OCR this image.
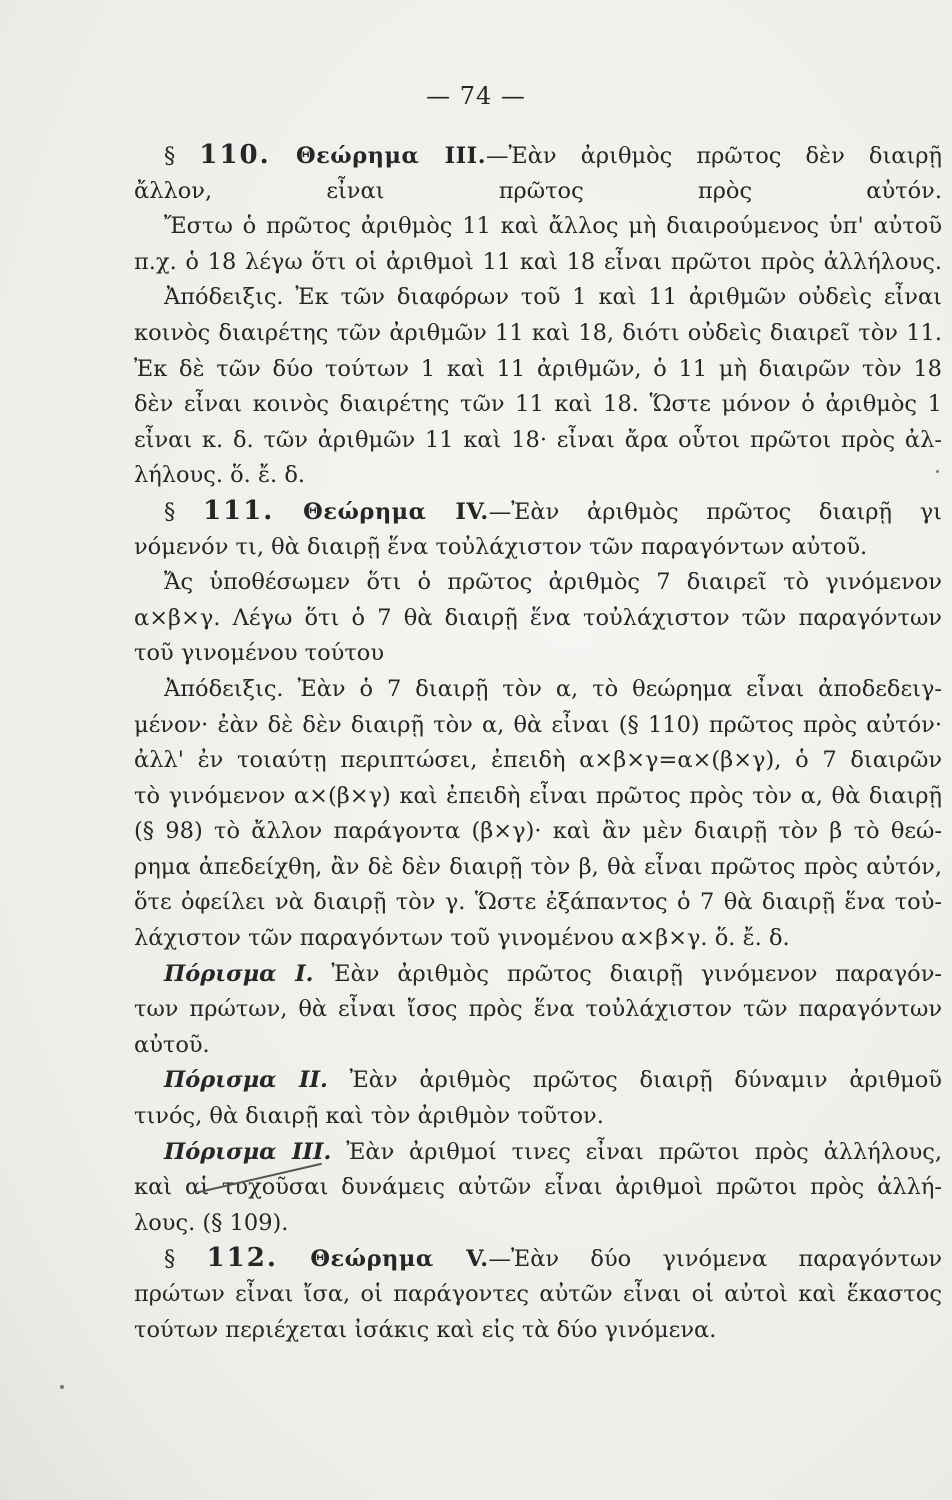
— 74 —
§ 110. Θεώρημα ΙΙΙ.—Ἐὰν ἀριθμὸς πρῶτος δὲν διαιρῇ
ἄλλον, εἶναι πρῶτος πρὸς αὐτόν.
Ἔστω ὁ πρῶτος ἀριθμὸς 11 καὶ ἄλλος μὴ διαιρούμενος ὑπ' αὐτοῦ
π.χ. ὁ 18 λέγω ὅτι οἱ ἀριθμοὶ 11 καὶ 18 εἶναι πρῶτοι πρὸς ἀλλήλους.
Ἀπόδειξις. Ἐκ τῶν διαφόρων τοῦ 1 καὶ 11 ἀριθμῶν οὐδεὶς εἶναι
κοινὸς διαιρέτης τῶν ἀριθμῶν 11 καὶ 18, διότι οὐδεὶς διαιρεῖ τὸν 11.
Ἐκ δὲ τῶν δύο τούτων 1 καὶ 11 ἀριθμῶν, ὁ 11 μὴ διαιρῶν τὸν 18
δὲν εἶναι κοινὸς διαιρέτης τῶν 11 καὶ 18. Ὥστε μόνον ὁ ἀριθμὸς 1
εἶναι κ. δ. τῶν ἀριθμῶν 11 καὶ 18· εἶναι ἄρα οὗτοι πρῶτοι πρὸς ἀλ-
λήλους. ὅ. ἔ. δ.
§ 111. Θεώρημα IV.—Ἐὰν ἀριθμὸς πρῶτος διαιρῇ γι
νόμενόν τι, θὰ διαιρῇ ἕνα τοὐλάχιστον τῶν παραγόντων αὐτοῦ.
Ἄς ὑποθέσωμεν ὅτι ὁ πρῶτος ἀριθμὸς 7 διαιρεῖ τὸ γινόμενον
α×β×γ. Λέγω ὅτι ὁ 7 θὰ διαιρῇ ἕνα τοὐλάχιστον τῶν παραγόντων
τοῦ γινομένου τούτου
Ἀπόδειξις. Ἐὰν ὁ 7 διαιρῇ τὸν α, τὸ θεώρημα εἶναι ἀποδεδειγ-
μένον· ἐὰν δὲ δὲν διαιρῇ τὸν α, θὰ εἶναι (§ 110) πρῶτος πρὸς αὐτόν·
ἀλλ' ἐν τοιαύτῃ περιπτώσει, ἐπειδὴ α×β×γ=α×(β×γ), ὁ 7 διαιρῶν
τὸ γινόμενον α×(β×γ) καὶ ἐπειδὴ εἶναι πρῶτος πρὸς τὸν α, θὰ διαιρῇ
(§ 98) τὸ ἄλλον παράγοντα (β×γ)· καὶ ἂν μὲν διαιρῇ τὸν β τὸ θεώ-
ρημα ἀπεδείχθη, ἂν δὲ δὲν διαιρῇ τὸν β, θὰ εἶναι πρῶτος πρὸς αὐτόν,
ὅτε ὀφείλει νὰ διαιρῇ τὸν γ. Ὥστε ἐξάπαντος ὁ 7 θὰ διαιρῇ ἕνα τοὐ-
λάχιστον τῶν παραγόντων τοῦ γινομένου α×β×γ. ὅ. ἔ. δ.
Πόρισμα Ι. Ἐὰν ἀριθμὸς πρῶτος διαιρῇ γινόμενον παραγόν-
των πρώτων, θὰ εἶναι ἴσος πρὸς ἕνα τοὐλάχιστον τῶν παραγόντων
αὐτοῦ.
Πόρισμα ΙΙ. Ἐὰν ἀριθμὸς πρῶτος διαιρῇ δύναμιν ἀριθμοῦ
τινός, θὰ διαιρῇ καὶ τὸν ἀριθμὸν τοῦτον.
Πόρισμα ΙΙΙ. Ἐὰν ἀριθμοί τινες εἶναι πρῶτοι πρὸς ἀλλήλους,
καὶ αἱ τυχοῦσαι δυνάμεις αὐτῶν εἶναι ἀριθμοὶ πρῶτοι πρὸς ἀλλή-
λους. (§ 109).
§ 112. Θεώρημα V.—Ἐὰν δύο γινόμενα παραγόντων
πρώτων εἶναι ἴσα, οἱ παράγοντες αὐτῶν εἶναι οἱ αὐτοὶ καὶ ἕκαστος
τούτων περιέχεται ἰσάκις καὶ εἰς τὰ δύο γινόμενα.
